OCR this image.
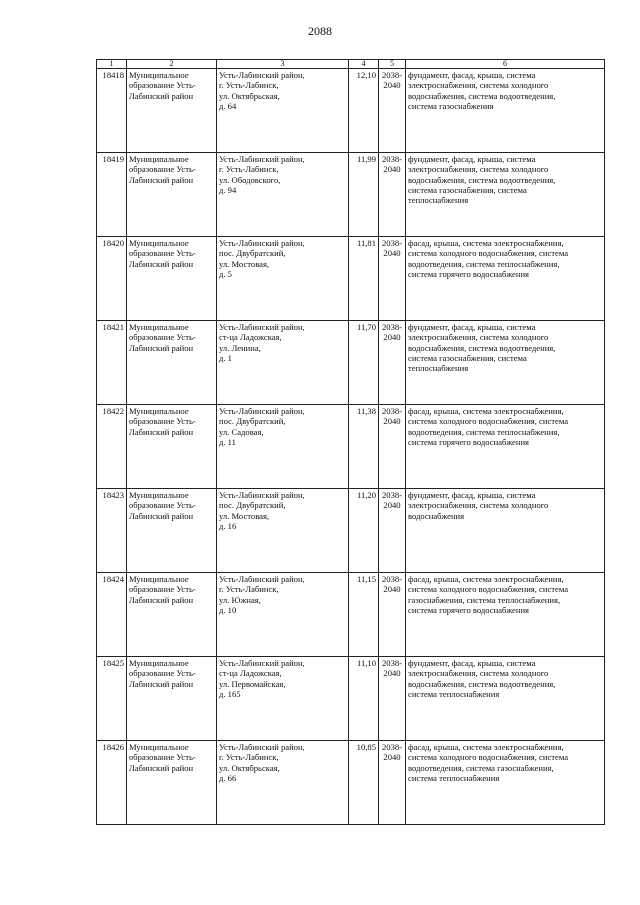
2088
1	2	3	4	5	6
18418	Муниципальное
образование Усть-
Лабинский район	Усть-Лабинский район,
г. Усть-Лабинск,
ул. Октябрьская,
д. 64	12,10	2038-
2040	фундамент, фасад, крыша, система
электроснабжения, система холодного
водоснабжения, система водоотведения,
система газоснабжения

18419	Муниципальное
образование Усть-
Лабинский район	Усть-Лабинский район,
г. Усть-Лабинск,
ул. Ободовского,
д. 94	11,99	2038-
2040	фундамент, фасад, крыша, система
электроснабжения, система холодного
водоснабжения, система водоотведения,
система газоснабжения, система
теплоснабжения

18420	Муниципальное
образование Усть-
Лабинский район	Усть-Лабинский район,
пос. Двубратский,
ул. Мостовая,
д. 5	11,81	2038-
2040	фасад, крыша, система электроснабжения,
система холодного водоснабжения, система
водоотведения, система теплоснабжения,
система горячего водоснабжения

18421	Муниципальное
образование Усть-
Лабинский район	Усть-Лабинский район,
ст-ца Ладожская,
ул. Ленина,
д. 1	11,70	2038-
2040	фундамент, фасад, крыша, система
электроснабжения, система холодного
водоснабжения, система водоотведения,
система газоснабжения, система
теплоснабжения

18422	Муниципальное
образование Усть-
Лабинский район	Усть-Лабинский район,
пос. Двубратский,
ул. Садовая,
д. 11	11,38	2038-
2040	фасад, крыша, система электроснабжения,
система холодного водоснабжения, система
водоотведения, система теплоснабжения,
система горячего водоснабжения

18423	Муниципальное
образование Усть-
Лабинский район	Усть-Лабинский район,
пос. Двубратский,
ул. Мостовая,
д. 16	11,20	2038-
2040	фундамент, фасад, крыша, система
электроснабжения, система холодного
водоснабжения

18424	Муниципальное
образование Усть-
Лабинский район	Усть-Лабинский район,
г. Усть-Лабинск,
ул. Южная,
д. 10	11,15	2038-
2040	фасад, крыша, система электроснабжения,
система холодного водоснабжения, система
газоснабжения, система теплоснабжения,
система горячего водоснабжения

18425	Муниципальное
образование Усть-
Лабинский район	Усть-Лабинский район,
ст-ца Ладожская,
ул. Первомайская,
д. 165	11,10	2038-
2040	фундамент, фасад, крыша, система
электроснабжения, система холодного
водоснабжения, система водоотведения,
система теплоснабжения

18426	Муниципальное
образование Усть-
Лабинский район	Усть-Лабинский район,
г. Усть-Лабинск,
ул. Октябрьская,
д. 66	10,85	2038-
2040	фасад, крыша, система электроснабжения,
система холодного водоснабжения, система
водоотведения, система газоснабжения,
система теплоснабжения
